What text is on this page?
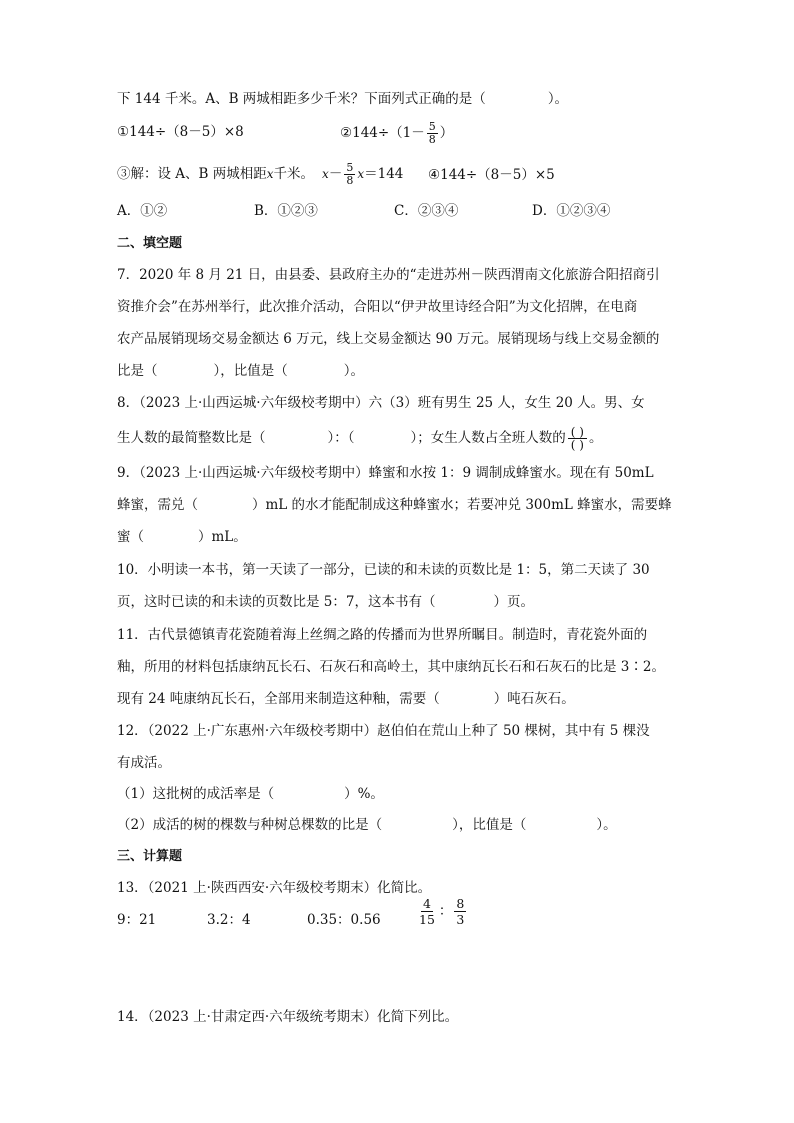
下 144 千米。A、B 两城相距多少千米？下面列式正确的是（	）。
①144÷（8－5）×8	②144÷（1－ $\frac{5}{8}$ ）
③解：设 A、B 两城相距x千米。 $x- \frac{5}{8} x=144$ ④144÷（8－5）×5
A．①②	B．①②③	C．②③④	D．①②③④
二、填空题
7．2020 年 8 月 21 日，由县委、县政府主办的“走进苏州－陕西渭南文化旅游合阳招商引
资推介会”在苏州举行，此次推介活动，合阳以“伊尹故里诗经合阳”为文化招牌，在电商
农产品展销现场交易金额达 6 万元，线上交易金额达 90 万元。展销现场与线上交易金额的
比是（	），比值是（	）。
8．（2023 上·山西运城·六年级校考期中）六（3）班有男生 25 人，女生 20 人。男、女
生人数的最简整数比是（	）：（	）；女生人数占全班人数的 $\frac{( )}{( )}$ 。
9．（2023 上·山西运城·六年级校考期中）蜂蜜和水按 1：9 调制成蜂蜜水。现在有 50mL
蜂蜜，需兑（	）mL 的水才能配制成这种蜂蜜水；若要冲兑 300mL 蜂蜜水，需要蜂
蜜（	）mL。
10．小明读一本书，第一天读了一部分，已读的和未读的页数比是 1：5，第二天读了 30
页，这时已读的和未读的页数比是 5：7，这本书有（	）页。
11．古代景德镇青花瓷随着海上丝绸之路的传播而为世界所瞩目。制造时，青花瓷外面的
釉，所用的材料包括康纳瓦长石、石灰石和高岭土，其中康纳瓦长石和石灰石的比是 3∶2。
现有 24 吨康纳瓦长石，全部用来制造这种釉，需要（	）吨石灰石。
12．（2022 上·广东惠州·六年级校考期中）赵伯伯在荒山上种了 50 棵树，其中有 5 棵没
有成活。
（1）这批树的成活率是（	）%。
（2）成活的树的棵数与种树总棵数的比是（	），比值是（	）。
三、计算题
13．（2021 上·陕西西安·六年级校考期末）化简比。
9：21	3.2：4	0.35：0.56	$\frac{4}{15}$ ： $\frac{8}{3}$
14．（2023 上·甘肃定西·六年级统考期末）化简下列比。
